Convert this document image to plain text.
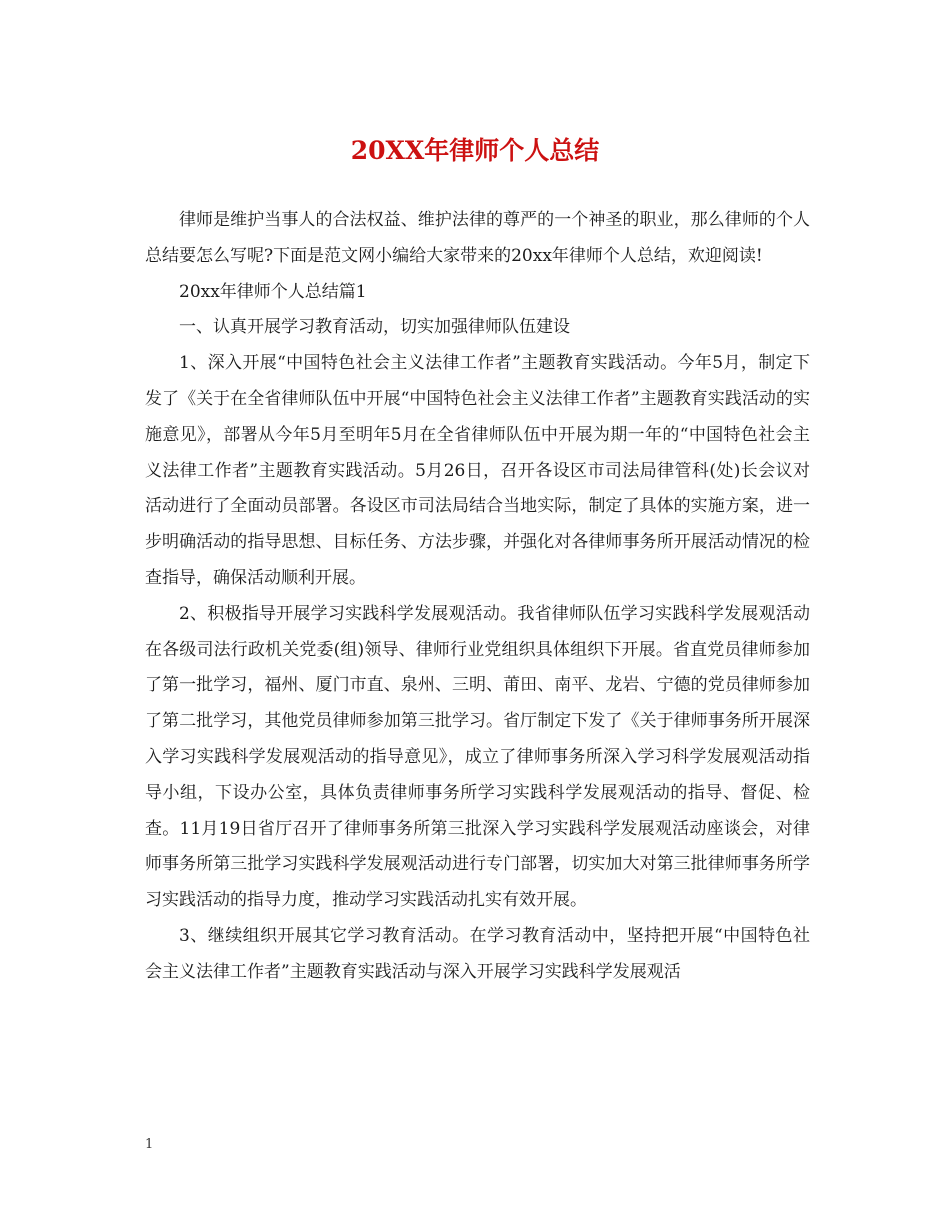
20XX年律师个人总结

律师是维护当事人的合法权益、维护法律的尊严的一个神圣的职业，那么律师的个人总结要怎么写呢?下面是范文网小编给大家带来的20xx年律师个人总结，欢迎阅读!

20xx年律师个人总结篇1

一、认真开展学习教育活动，切实加强律师队伍建设

1、深入开展“中国特色社会主义法律工作者”主题教育实践活动。今年5月，制定下发了《关于在全省律师队伍中开展“中国特色社会主义法律工作者”主题教育实践活动的实施意见》，部署从今年5月至明年5月在全省律师队伍中开展为期一年的“中国特色社会主义法律工作者”主题教育实践活动。5月26日，召开各设区市司法局律管科(处)长会议对活动进行了全面动员部署。各设区市司法局结合当地实际，制定了具体的实施方案，进一步明确活动的指导思想、目标任务、方法步骤，并强化对各律师事务所开展活动情况的检查指导，确保活动顺利开展。

2、积极指导开展学习实践科学发展观活动。我省律师队伍学习实践科学发展观活动在各级司法行政机关党委(组)领导、律师行业党组织具体组织下开展。省直党员律师参加了第一批学习，福州、厦门市直、泉州、三明、莆田、南平、龙岩、宁德的党员律师参加了第二批学习，其他党员律师参加第三批学习。省厅制定下发了《关于律师事务所开展深入学习实践科学发展观活动的指导意见》，成立了律师事务所深入学习科学发展观活动指导小组，下设办公室，具体负责律师事务所学习实践科学发展观活动的指导、督促、检查。11月19日省厅召开了律师事务所第三批深入学习实践科学发展观活动座谈会，对律师事务所第三批学习实践科学发展观活动进行专门部署，切实加大对第三批律师事务所学习实践活动的指导力度，推动学习实践活动扎实有效开展。

3、继续组织开展其它学习教育活动。在学习教育活动中，坚持把开展“中国特色社会主义法律工作者”主题教育实践活动与深入开展学习实践科学发展观活

1
